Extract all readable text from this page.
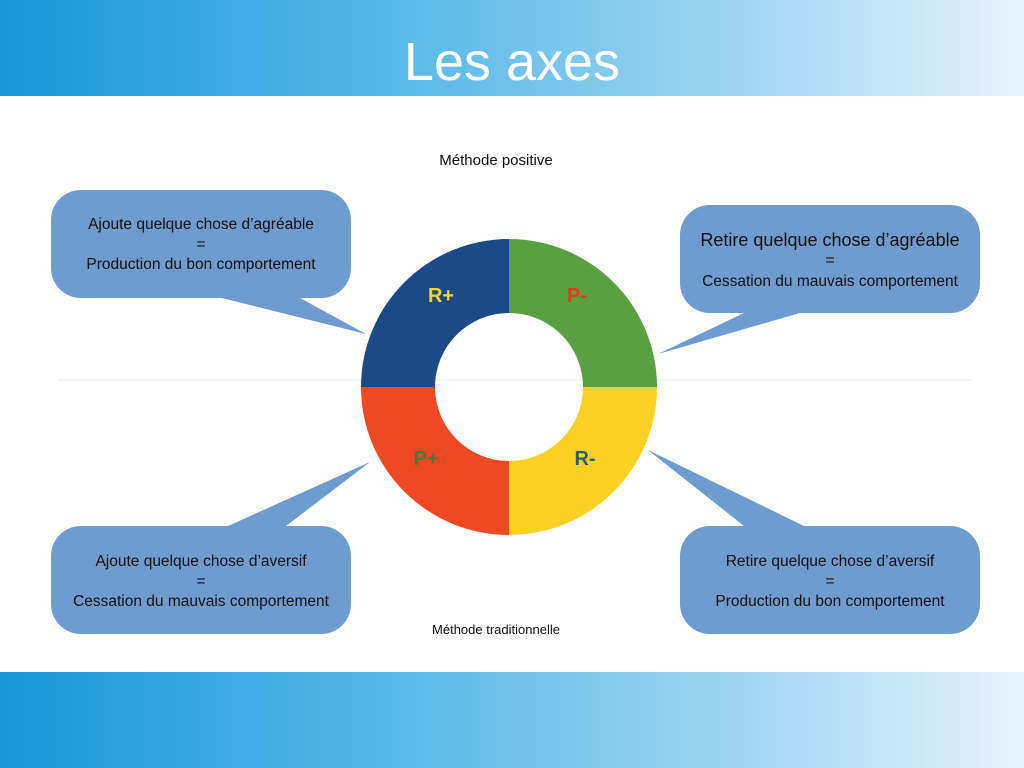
Les axes
R+	P-
R-
P+
Méthode positive
Méthode traditionnelle
Ajoute quelque chose d’agréable
=
Production du bon comportement
Retire quelque chose d’agréable
=
Cessation du mauvais comportement
Ajoute quelque chose d’aversif
=
Cessation du mauvais comportement
Retire quelque chose d’aversif
=
Production du bon comportement
